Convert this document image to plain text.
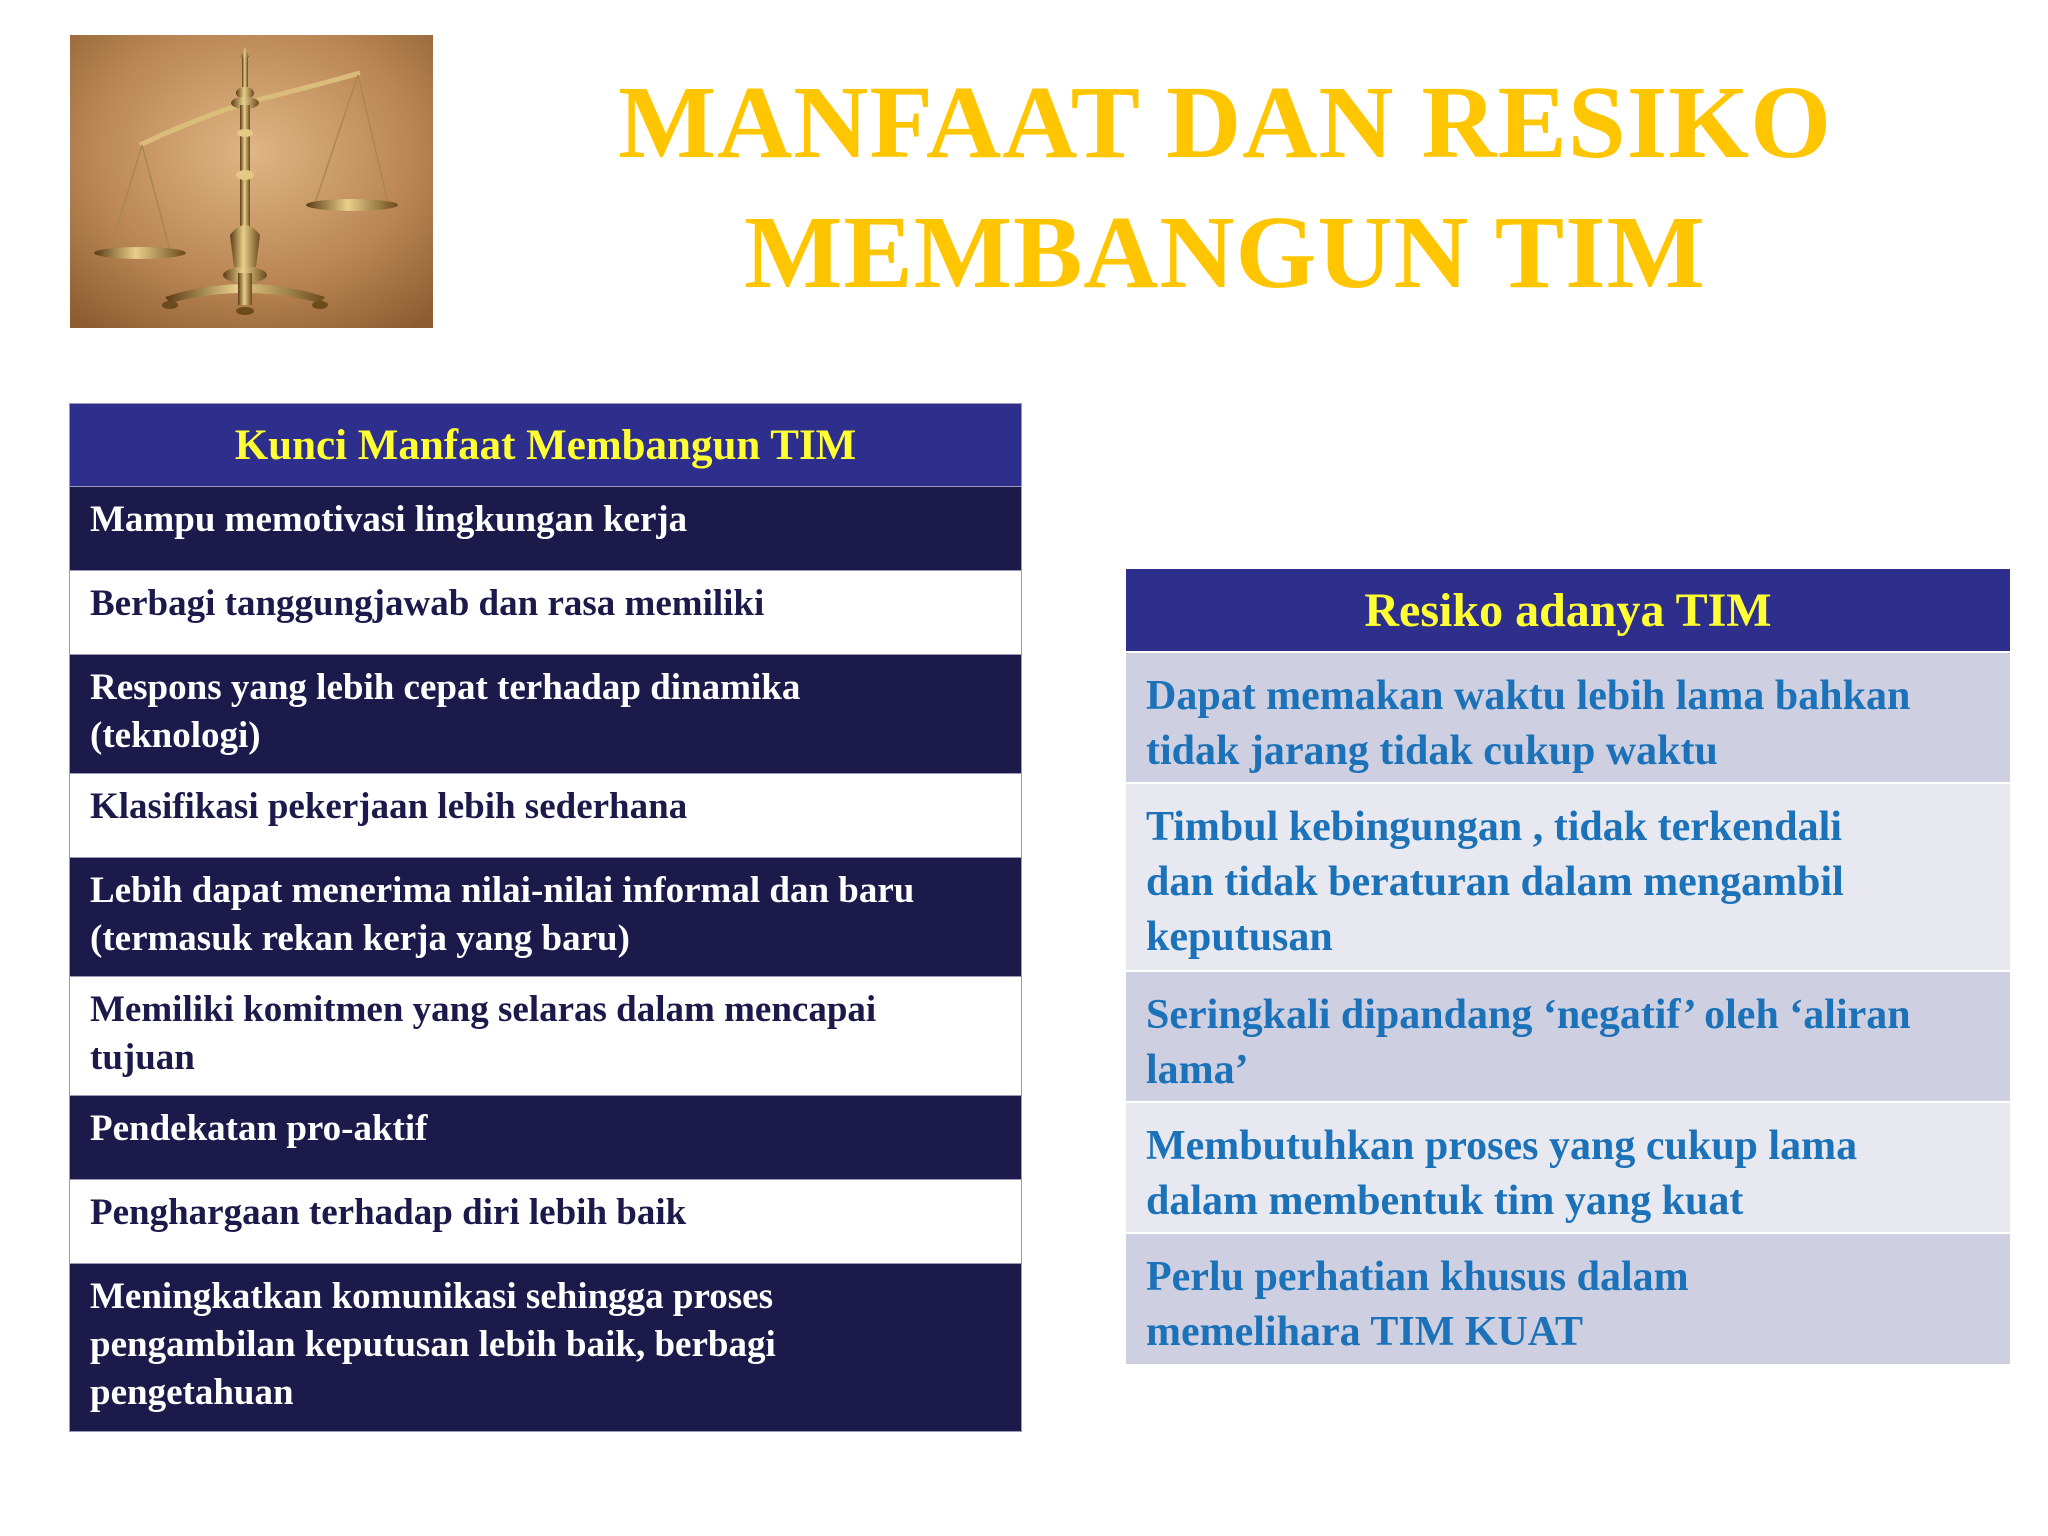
MANFAAT DAN RESIKO
MEMBANGUN TIM
Kunci Manfaat Membangun TIM
Mampu memotivasi lingkungan kerja
Berbagi tanggungjawab dan rasa memiliki
Respons yang lebih cepat terhadap dinamika
(teknologi)
Klasifikasi pekerjaan lebih sederhana
Lebih dapat menerima nilai-nilai informal dan baru
(termasuk rekan kerja yang baru)
Memiliki komitmen yang selaras dalam mencapai
tujuan
Pendekatan pro-aktif
Penghargaan terhadap diri lebih baik
Meningkatkan komunikasi sehingga proses
pengambilan keputusan lebih baik, berbagi
pengetahuan
Resiko adanya TIM
Dapat memakan waktu lebih lama bahkan
tidak jarang tidak cukup waktu
Timbul kebingungan , tidak terkendali
dan tidak beraturan dalam mengambil
keputusan
Seringkali dipandang ‘negatif’ oleh ‘aliran
lama’
Membutuhkan proses yang cukup lama
dalam membentuk tim yang kuat
Perlu perhatian khusus dalam
memelihara TIM KUAT
